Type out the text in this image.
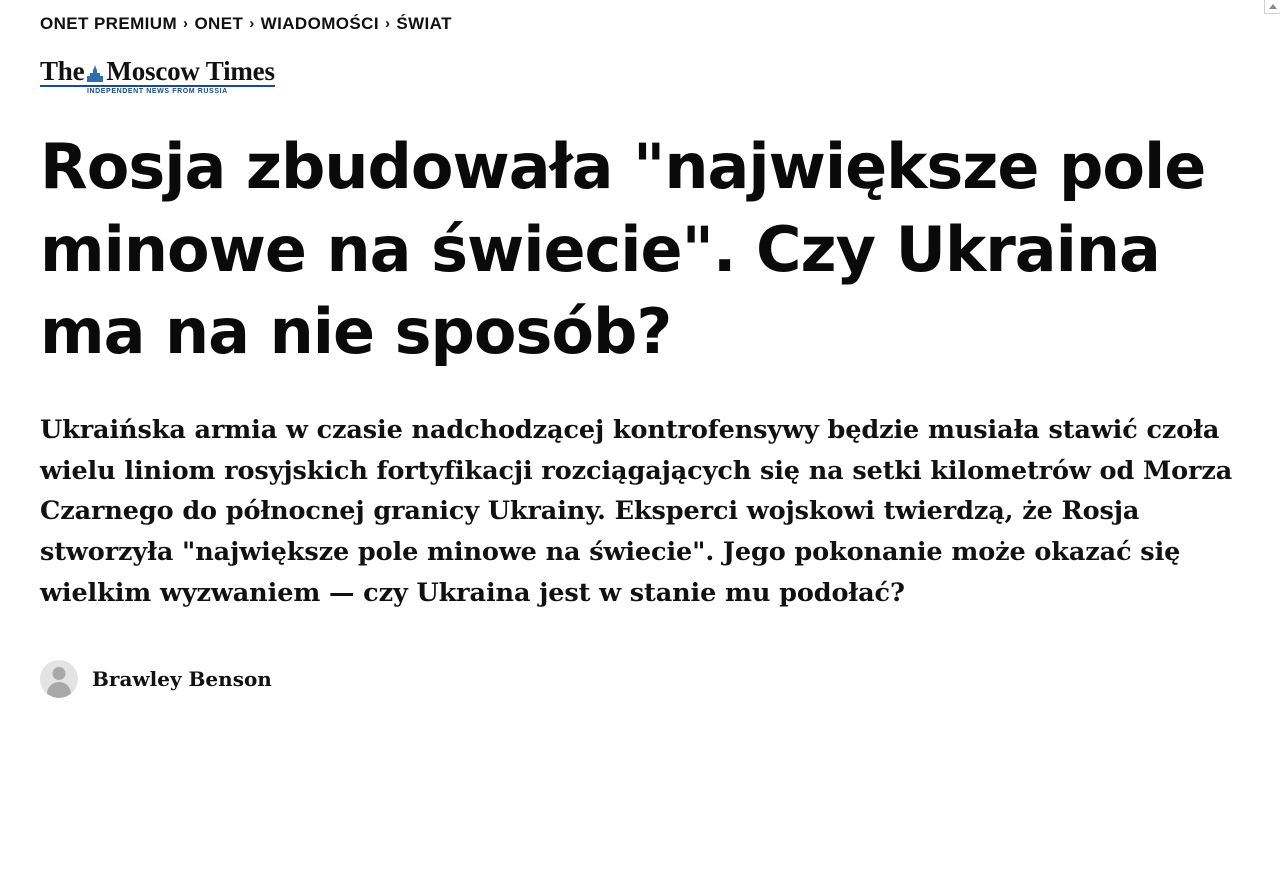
ONET PREMIUM › ONET › WIADOMOŚCI › ŚWIAT
The Moscow Times
INDEPENDENT NEWS FROM RUSSIA
Rosja zbudowała "największe pole minowe na świecie". Czy Ukraina ma na nie sposób?

Ukraińska armia w czasie nadchodzącej kontrofensywy będzie musiała stawić czoła wielu liniom rosyjskich fortyfikacji rozciągających się na setki kilometrów od Morza Czarnego do północnej granicy Ukrainy. Eksperci wojskowi twierdzą, że Rosja stworzyła "największe pole minowe na świecie". Jego pokonanie może okazać się wielkim wyzwaniem — czy Ukraina jest w stanie mu podołać?

Brawley Benson
